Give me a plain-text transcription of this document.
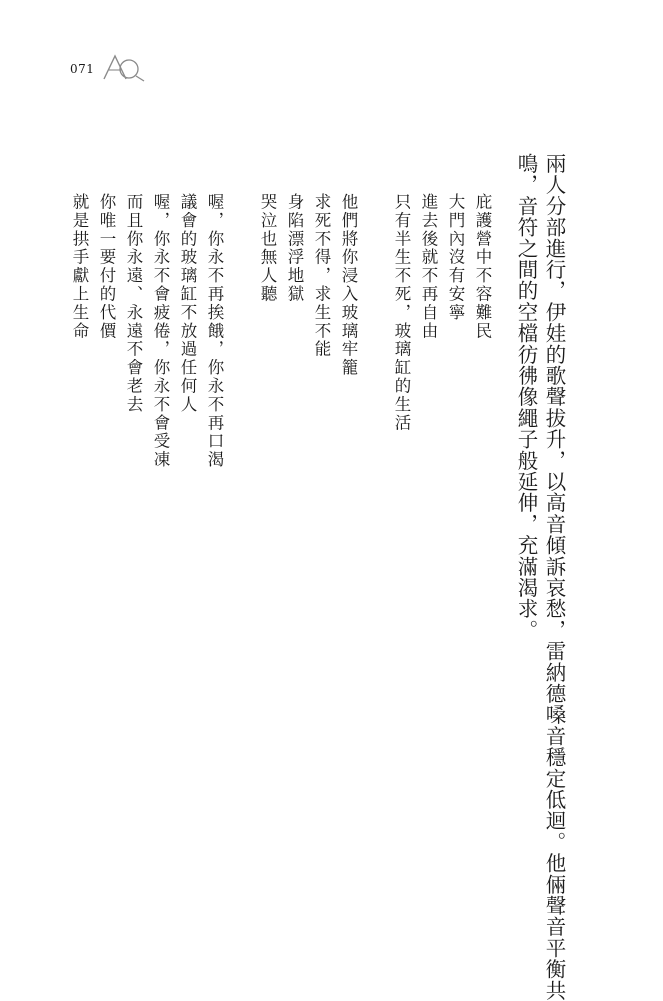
071

兩人分部進行，伊娃的歌聲拔升，以高音傾訴哀愁，雷納德嗓音穩定低迴。他倆聲音平衡共

鳴，音符之間的空檔彷彿像繩子般延伸，充滿渴求。

庇護營中不容難民

大門內沒有安寧

進去後就不再自由

只有半生不死，玻璃缸的生活

他們將你浸入玻璃牢籠

求死不得，求生不能

身陷漂浮地獄

哭泣也無人聽

喔，你永不再挨餓，你永不再口渴

議會的玻璃缸不放過任何人

喔，你永不會疲倦，你永不會受凍

而且你永遠、永遠不會老去

你唯一要付的代價

就是拱手獻上生命
